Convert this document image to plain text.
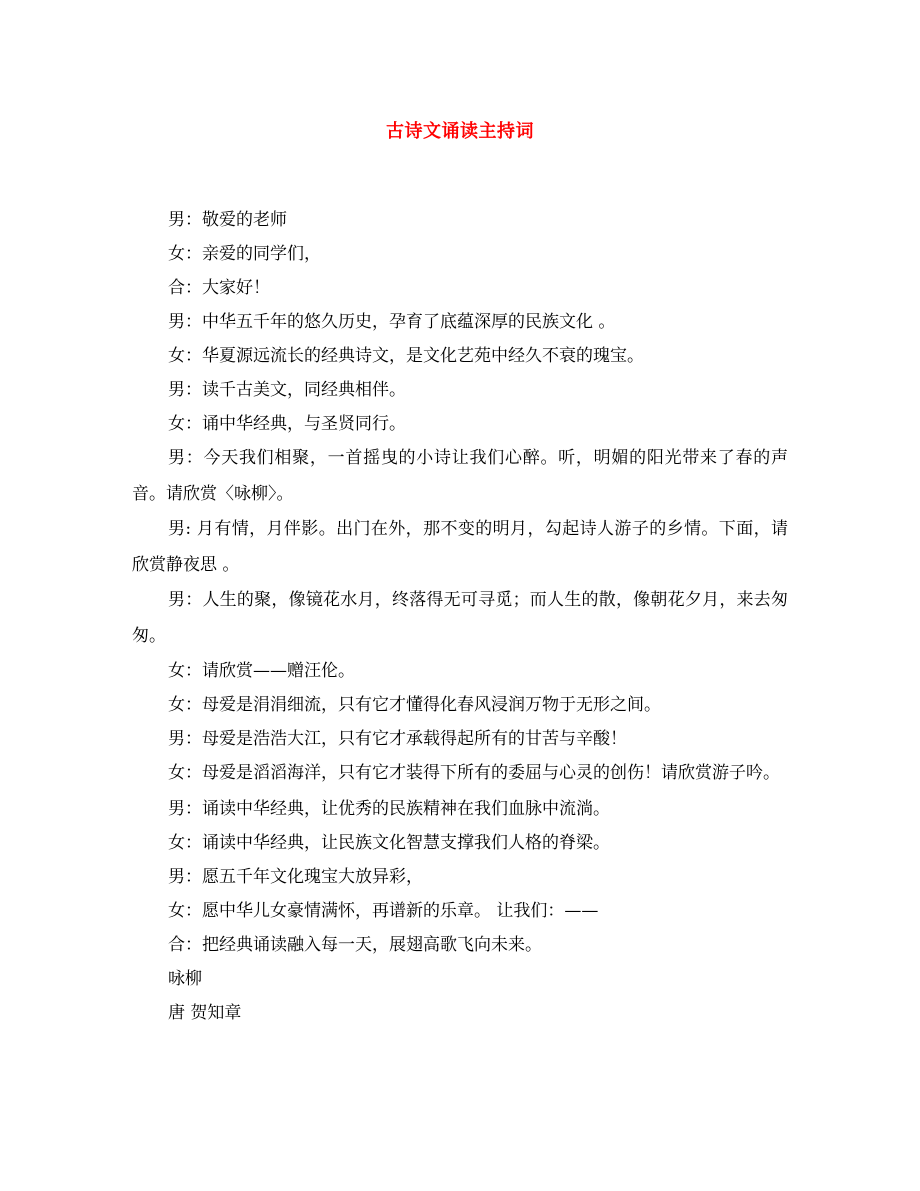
古诗文诵读主持词

男：敬爱的老师

女：亲爱的同学们，

合：大家好！

男：中华五千年的悠久历史，孕育了底蕴深厚的民族文化 。

女：华夏源远流长的经典诗文，是文化艺苑中经久不衰的瑰宝。

男：读千古美文，同经典相伴。

女：诵中华经典，与圣贤同行。

男：今天我们相聚，一首摇曳的小诗让我们心醉。听，明媚的阳光带来了春的声音。请欣赏〈咏柳〉。

男: 月有情，月伴影。出门在外，那不变的明月，勾起诗人游子的乡情。下面，请欣赏静夜思 。

男：人生的聚，像镜花水月，终落得无可寻觅；而人生的散，像朝花夕月，来去匆匆。

女：请欣赏——赠汪伦。

女：母爱是涓涓细流，只有它才懂得化春风浸润万物于无形之间。

男：母爱是浩浩大江，只有它才承载得起所有的甘苦与辛酸！

女：母爱是滔滔海洋，只有它才装得下所有的委屈与心灵的创伤！请欣赏游子吟。

男：诵读中华经典，让优秀的民族精神在我们血脉中流淌。

女：诵读中华经典，让民族文化智慧支撑我们人格的脊梁。

男：愿五千年文化瑰宝大放异彩，

女：愿中华儿女豪情满怀，再谱新的乐章。 让我们：——

合：把经典诵读融入每一天，展翅高歌飞向未来。

咏柳

唐 贺知章
